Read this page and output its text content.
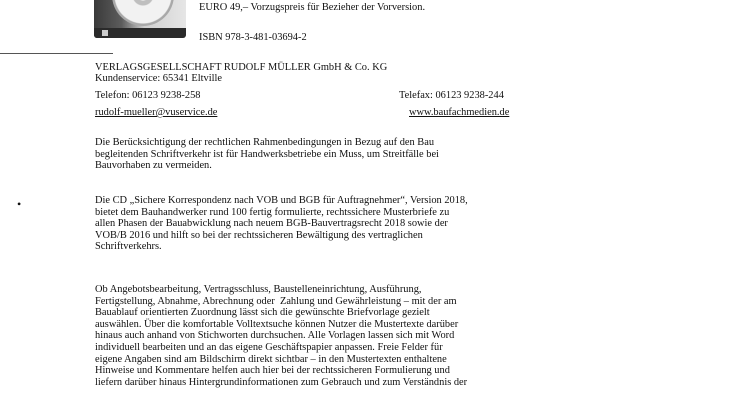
EURO 49,– Vorzugspreis für Bezieher der Vorversion.
ISBN 978-3-481-03694-2
VERLAGSGESELLSCHAFT RUDOLF MÜLLER GmbH & Co. KG
Kundenservice: 65341 Eltville
Telefon: 06123 9238-258	Telefax: 06123 9238-244
rudolf-mueller@vuservice.de	www.baufachmedien.de
•

Die Berücksichtigung der rechtlichen Rahmenbedingungen in Bezug auf den Bau

begleitenden Schriftverkehr ist für Handwerksbetriebe ein Muss, um Streitfälle bei

Bauvorhaben zu vermeiden.

Die CD „Sichere Korrespondenz nach VOB und BGB für Auftragnehmer“, Version 2018,

bietet dem Bauhandwerker rund 100 fertig formulierte, rechtssichere Musterbriefe zu

allen Phasen der Bauabwicklung nach neuem BGB-Bauvertragsrecht 2018 sowie der

VOB/B 2016 und hilft so bei der rechtssicheren Bewältigung des vertraglichen

Schriftverkehrs.

Ob Angebotsbearbeitung, Vertragsschluss, Baustelleneinrichtung, Ausführung,

Fertigstellung, Abnahme, Abrechnung oder  Zahlung und Gewährleistung – mit der am

Bauablauf orientierten Zuordnung lässt sich die gewünschte Briefvorlage gezielt

auswählen. Über die komfortable Volltextsuche können Nutzer die Mustertexte darüber

hinaus auch anhand von Stichworten durchsuchen. Alle Vorlagen lassen sich mit Word

individuell bearbeiten und an das eigene Geschäftspapier anpassen. Freie Felder für

eigene Angaben sind am Bildschirm direkt sichtbar – in den Mustertexten enthaltene

Hinweise und Kommentare helfen auch hier bei der rechtssicheren Formulierung und

liefern darüber hinaus Hintergrundinformationen zum Gebrauch und zum Verständnis der
